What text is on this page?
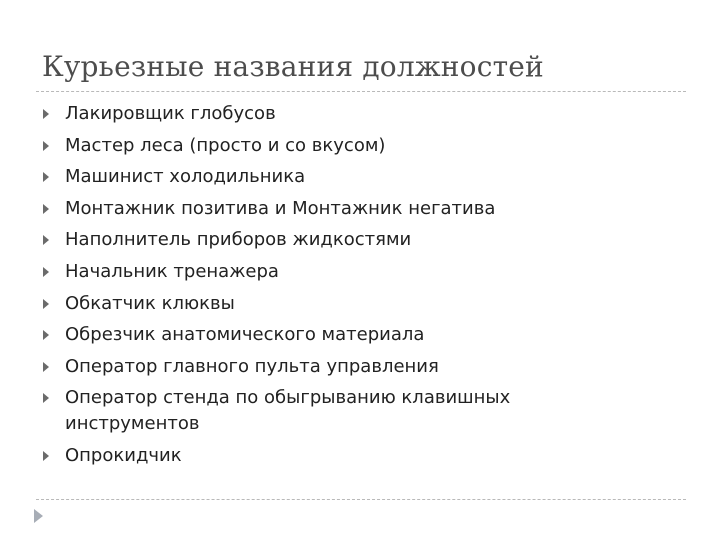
Курьезные названия должностей
Лакировщик глобусов
Мастер леса (просто и со вкусом)
Машинист холодильника
Монтажник позитива и Монтажник негатива
Наполнитель приборов жидкостями
Начальник тренажера
Обкатчик клюквы
Обрезчик анатомического материала
Оператор главного пульта управления
Оператор стенда по обыгрыванию клавишных инструментов
Опрокидчик
